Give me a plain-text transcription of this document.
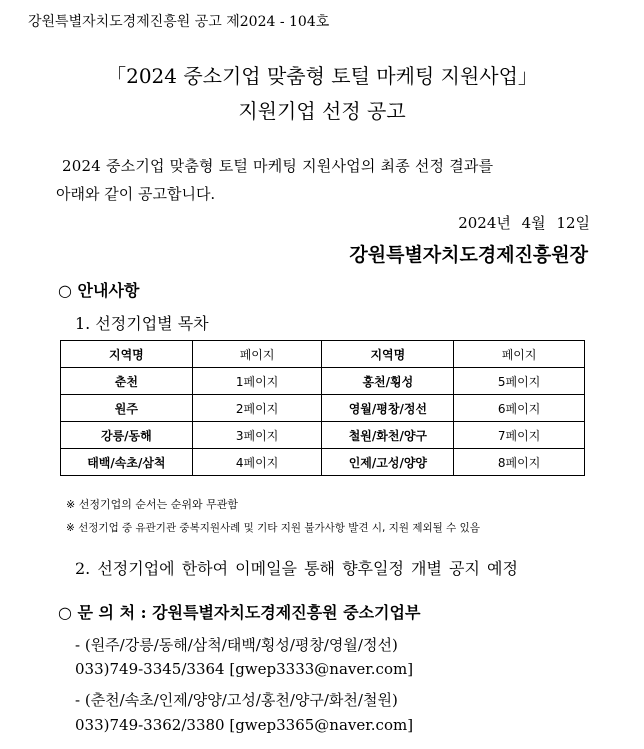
강원특별자치도경제진흥원 공고 제2024 - 104호
「2024 중소기업 맞춤형 토털 마케팅 지원사업」
지원기업 선정 공고
2024 중소기업 맞춤형 토털 마케팅 지원사업의 최종 선정 결과를
아래와 같이 공고합니다.
2024년 4월 12일
강원특별자치도경제진흥원장
○ 안내사항
1. 선정기업별 목차
지역명	페이지	지역명	페이지
춘천	1페이지	홍천/횡성	5페이지
원주	2페이지	영월/평창/정선	6페이지
강릉/동해	3페이지	철원/화천/양구	7페이지
태백/속초/삼척	4페이지	인제/고성/양양	8페이지
※ 선정기업의 순서는 순위와 무관함
※ 선정기업 중 유관기관 중복지원사례 및 기타 지원 불가사항 발견 시, 지원 제외될 수 있음
2. 선정기업에 한하여 이메일을 통해 향후일정 개별 공지 예정
○ 문 의 처 : 강원특별자치도경제진흥원 중소기업부
- (원주/강릉/동해/삼척/태백/횡성/평창/영월/정선)
033)749-3345/3364 [gwep3333@naver.com]
- (춘천/속초/인제/양양/고성/홍천/양구/화천/철원)
033)749-3362/3380 [gwep3365@naver.com]
